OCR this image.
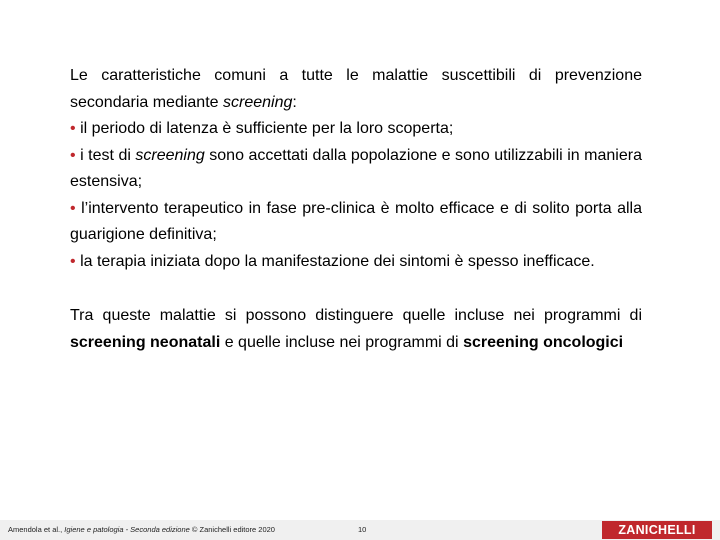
Le caratteristiche comuni a tutte le malattie suscettibili di prevenzione secondaria mediante screening:
• il periodo di latenza è sufficiente per la loro scoperta;
• i test di screening sono accettati dalla popolazione e sono utilizzabili in maniera estensiva;
• l’intervento terapeutico in fase pre-clinica è molto efficace e di solito porta alla guarigione definitiva;
• la terapia iniziata dopo la manifestazione dei sintomi è spesso inefficace.

Tra queste malattie si possono distinguere quelle incluse nei programmi di screening neonatali e quelle incluse nei programmi di screening oncologici

Amendola et al., Igiene e patologia - Seconda edizione © Zanichelli editore 2020	10	ZANICHELLI
